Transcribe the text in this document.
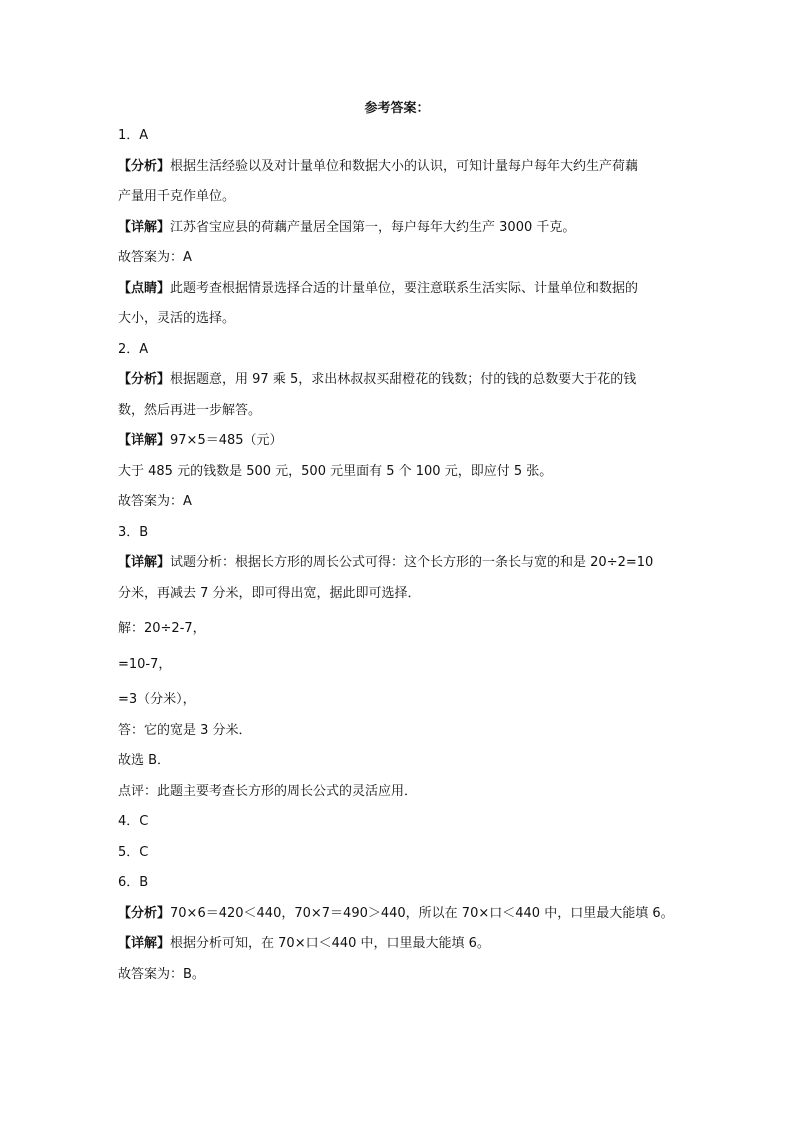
参考答案：
1．A
【分析】根据生活经验以及对计量单位和数据大小的认识，可知计量每户每年大约生产荷藕
产量用千克作单位。
【详解】江苏省宝应县的荷藕产量居全国第一，每户每年大约生产 3000 千克。
故答案为：A
【点睛】此题考查根据情景选择合适的计量单位，要注意联系生活实际、计量单位和数据的
大小，灵活的选择。
2．A
【分析】根据题意，用 97 乘 5，求出林叔叔买甜橙花的钱数；付的钱的总数要大于花的钱
数，然后再进一步解答。
【详解】97×5＝485（元）
大于 485 元的钱数是 500 元，500 元里面有 5 个 100 元，即应付 5 张。
故答案为：A
3．B
【详解】试题分析：根据长方形的周长公式可得：这个长方形的一条长与宽的和是 20÷2=10
分米，再减去 7 分米，即可得出宽，据此即可选择．
解：20÷2-7，
=10-7，
=3（分米），
答：它的宽是 3 分米．
故选 B．
点评：此题主要考查长方形的周长公式的灵活应用．
4．C
5．C
6．B
【分析】70×6＝420＜440，70×7＝490＞440，所以在 70×口＜440 中，口里最大能填 6。
【详解】根据分析可知，在 70×口＜440 中，口里最大能填 6。
故答案为：B。
